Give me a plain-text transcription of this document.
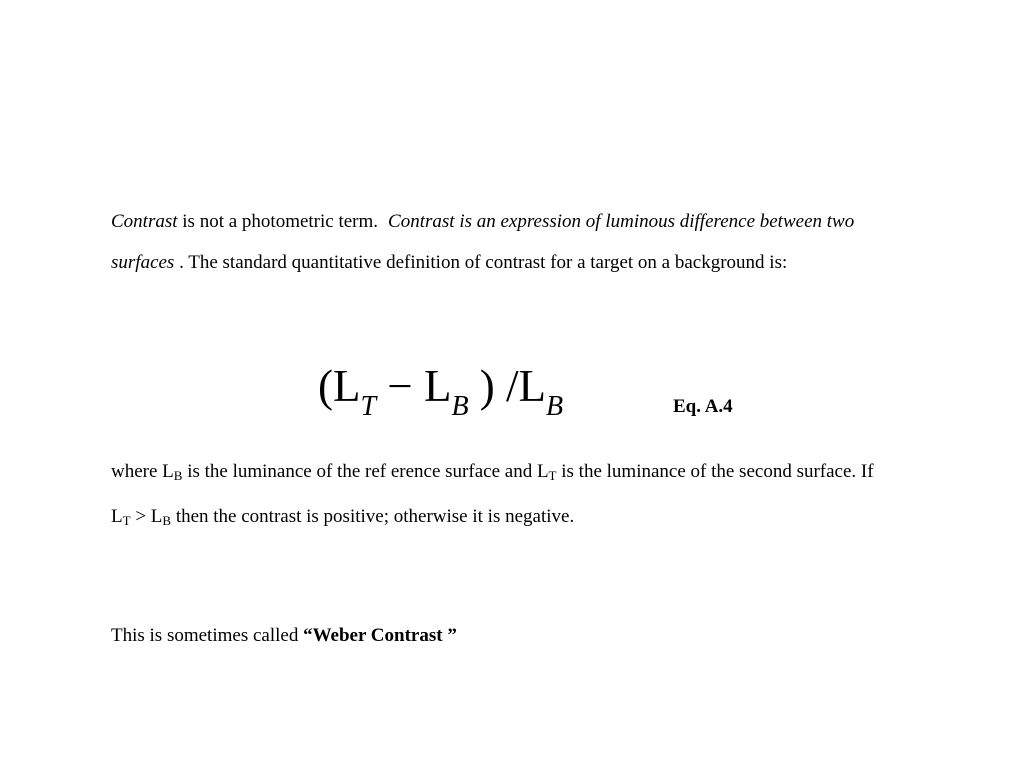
Contrast is not a photometric term. Contrast is an expression of luminous difference between two surfaces . The standard quantitative definition of contrast for a target on a background is:

($L_T - L_B$ ) $/L_B$	Eq. A.4

where $L_B$ is the luminance of the ref erence surface and $L_T$ is the luminance of the second surface. If $L_T > L_B$ then the contrast is positive; otherwise it is negative.

This is sometimes called “Weber Contrast ”
